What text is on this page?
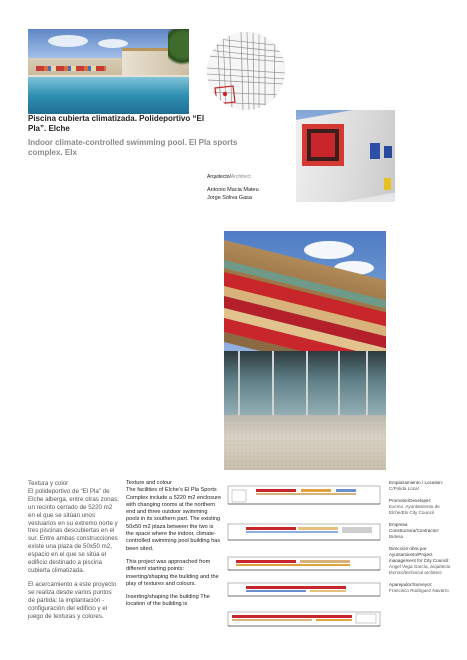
Piscina cubierta climatizada. Polideportivo “El Pla”. Elche
Indoor climate-controlled swimming pool. El Pla sports complex. Elx
Arquitecto/Architect:
Antonio Macia Mateu
Jorge Soliva Gasa
Textura y color
El polideportivo de “El Pla” de Elche alberga, entre otras zonas, un recinto cerrado de 5220 m2 en el que se sitúan unos vestuarios en su extremo norte y tres piscinas descubiertas en el sur. Entre ambas construcciones existe una plaza de 50x50 m2, espacio en el que se sitúa el edificio destinado a piscina cubierta climatizada.
El acercamiento a este proyecto se realiza desde varios puntos de partida: la implantación - configuración del edificio y el juego de texturas y colores.
Texture and colour
The facilities of Elche’s El Pla Sports Complex include a 5220 m2 enclosure with changing rooms at the northern end and three outdoor swimming pools in its southern part. The existing 50x50 m2 plaza between the two is the space where the indoor, climate-controlled swimming pool building has been sited.
This project was approached from different starting points: inserting/shaping the building and the play of textures and colours.
Inserting/shaping the building The location of the building is
Emplazamiento / Location:
C/Polida Local
Promotor/Developer:
Excmo. Ayuntamiento de Elche/Elx City Council
Empresa Constructora/Contractor:
Bidesa
Dirección obra por Ayuntamiento/Project management for City Council:
Angel Vega García, arquitecto técnico/technical architect
Aparejador/Surveyor:
Francisco Rodriguez Navarro
